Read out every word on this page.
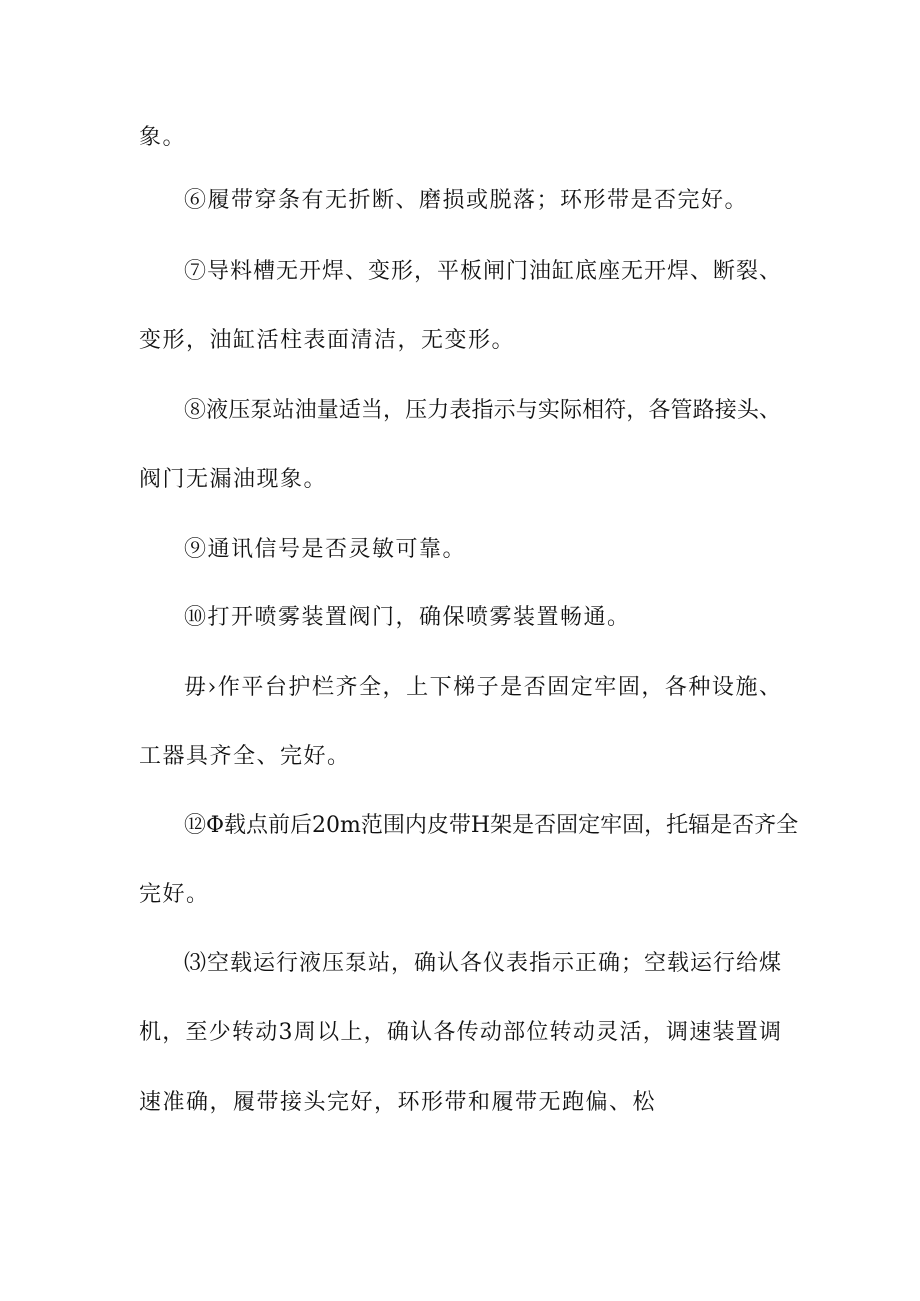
象。
⑥履带穿条有无折断、磨损或脱落；环形带是否完好。
⑦导料槽无开焊、变形，平板闸门油缸底座无开焊、断裂、
变形，油缸活柱表面清洁，无变形。
⑧液压泵站油量适当，压力表指示与实际相符，各管路接头、
阀门无漏油现象。
⑨通讯信号是否灵敏可靠。
⑩打开喷雾装置阀门，确保喷雾装置畅通。
毋›作平台护栏齐全，上下梯子是否固定牢固，各种设施、
工器具齐全、完好。
⑫Φ载点前后20m范围内皮带H架是否固定牢固，托辐是否齐全
完好。
⑶空载运行液压泵站，确认各仪表指示正确；空载运行给煤
机，至少转动3周以上，确认各传动部位转动灵活，调速装置调
速准确，履带接头完好，环形带和履带无跑偏、松
